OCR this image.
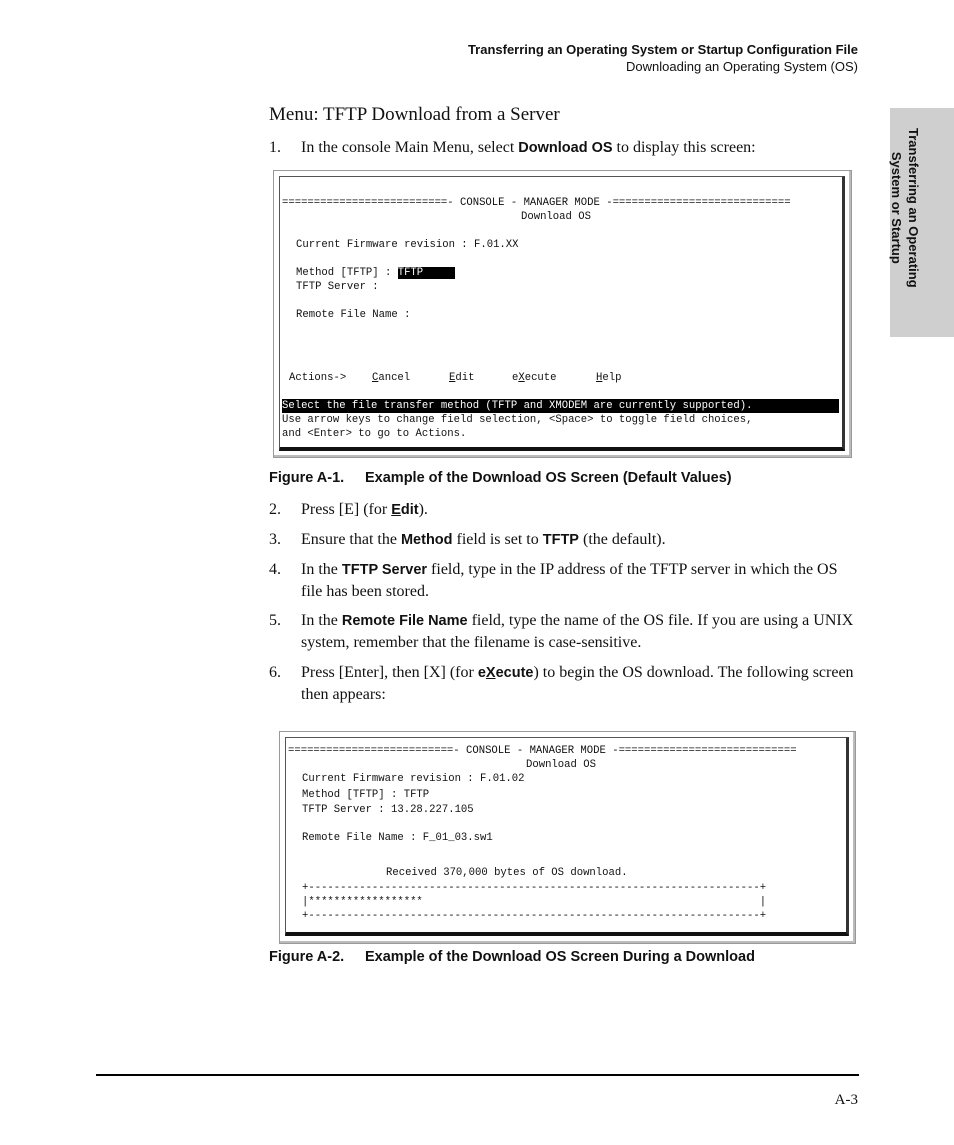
Transferring an Operating System or Startup Configuration File
Downloading an Operating System (OS)
Transferring an Operating
System or Startup
Menu: TFTP Download from a Server
1. In the console Main Menu, select Download OS to display this screen:
==========================- CONSOLE - MANAGER MODE -============================
Download OS
Current Firmware revision : F.01.XX
Method [TFTP] : TFTP
TFTP Server :
Remote File Name :
Actions-> Cancel	Edit	eXecute	Help
Select the file transfer method (TFTP and XMODEM are currently supported).
Use arrow keys to change field selection, <Space> to toggle field choices,
and <Enter> to go to Actions.
Figure A-1. Example of the Download OS Screen (Default Values)
2. Press [E] (for Edit).
3. Ensure that the Method field is set to TFTP (the default).
4. In the TFTP Server field, type in the IP address of the TFTP server in which the OS file has been stored.
5. In the Remote File Name field, type the name of the OS file. If you are using a UNIX system, remember that the filename is case-sensitive.
6. Press [Enter], then [X] (for eXecute) to begin the OS download. The following screen then appears:
==========================- CONSOLE - MANAGER MODE -============================
Download OS
Current Firmware revision : F.01.02
Method [TFTP] : TFTP
TFTP Server : 13.28.227.105
Remote File Name : F_01_03.sw1
Received 370,000 bytes of OS download.
+-----------------------------------------------------------------------+
|******************                                                     |
+-----------------------------------------------------------------------+
Figure A-2. Example of the Download OS Screen During a Download
A-3
